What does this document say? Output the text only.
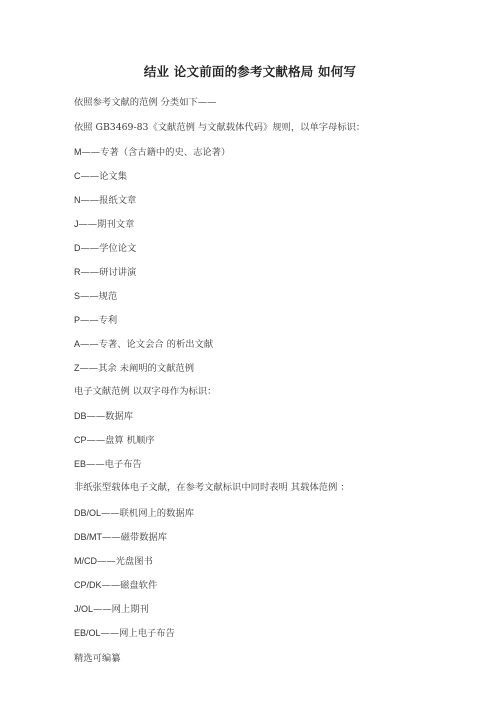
结业 论文前面的参考文献格局 如何写
依照参考文献的范例 分类如下——
依照 GB3469-83《文献范例 与文献载体代码》规则，以单字母标识：
M——专著（含古籍中的史、志论著）
C——论文集
N——报纸文章
J——期刊文章
D——学位论文
R——研讨讲演
S——规范
P——专利
A——专著、论文会合 的析出文献
Z——其余 未阐明的文献范例
电子文献范例 以双字母作为标识：
DB——数据库
CP——盘算 机顺序
EB——电子布告
非纸张型载体电子文献，在参考文献标识中同时表明 其载体范例 ：
DB/OL——联机网上的数据库
DB/MT——磁带数据库
M/CD——光盘图书
CP/DK——磁盘软件
J/OL——网上期刊
EB/OL——网上电子布告
精选可编纂
